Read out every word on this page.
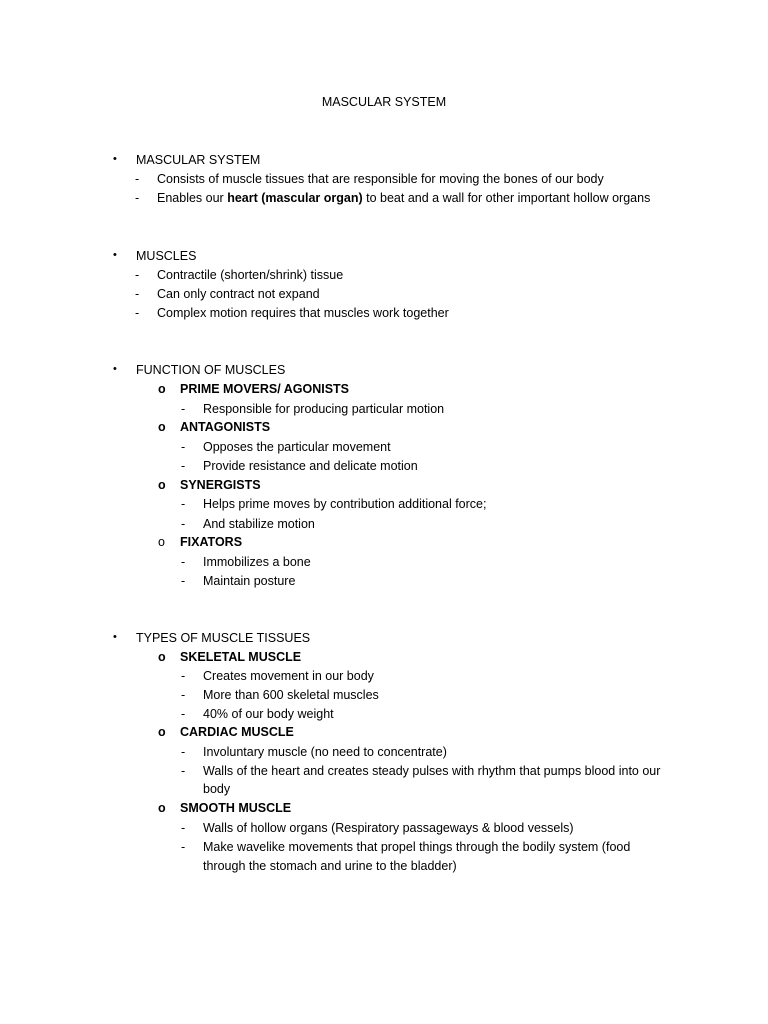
MASCULAR SYSTEM
• MASCULAR SYSTEM
- Consists of muscle tissues that are responsible for moving the bones of our body
- Enables our heart (mascular organ) to beat and a wall for other important hollow organs
• MUSCLES
- Contractile (shorten/shrink) tissue
- Can only contract not expand
- Complex motion requires that muscles work together
• FUNCTION OF MUSCLES
o PRIME MOVERS/ AGONISTS
- Responsible for producing particular motion
o ANTAGONISTS
- Opposes the particular movement
- Provide resistance and delicate motion
o SYNERGISTS
- Helps prime moves by contribution additional force;
- And stabilize motion
o FIXATORS
- Immobilizes a bone
- Maintain posture
• TYPES OF MUSCLE TISSUES
o SKELETAL MUSCLE
- Creates movement in our body
- More than 600 skeletal muscles
- 40% of our body weight
o CARDIAC MUSCLE
- Involuntary muscle (no need to concentrate)
- Walls of the heart and creates steady pulses with rhythm that pumps blood into our
body
o SMOOTH MUSCLE
- Walls of hollow organs (Respiratory passageways & blood vessels)
- Make wavelike movements that propel things through the bodily system (food
through the stomach and urine to the bladder)
